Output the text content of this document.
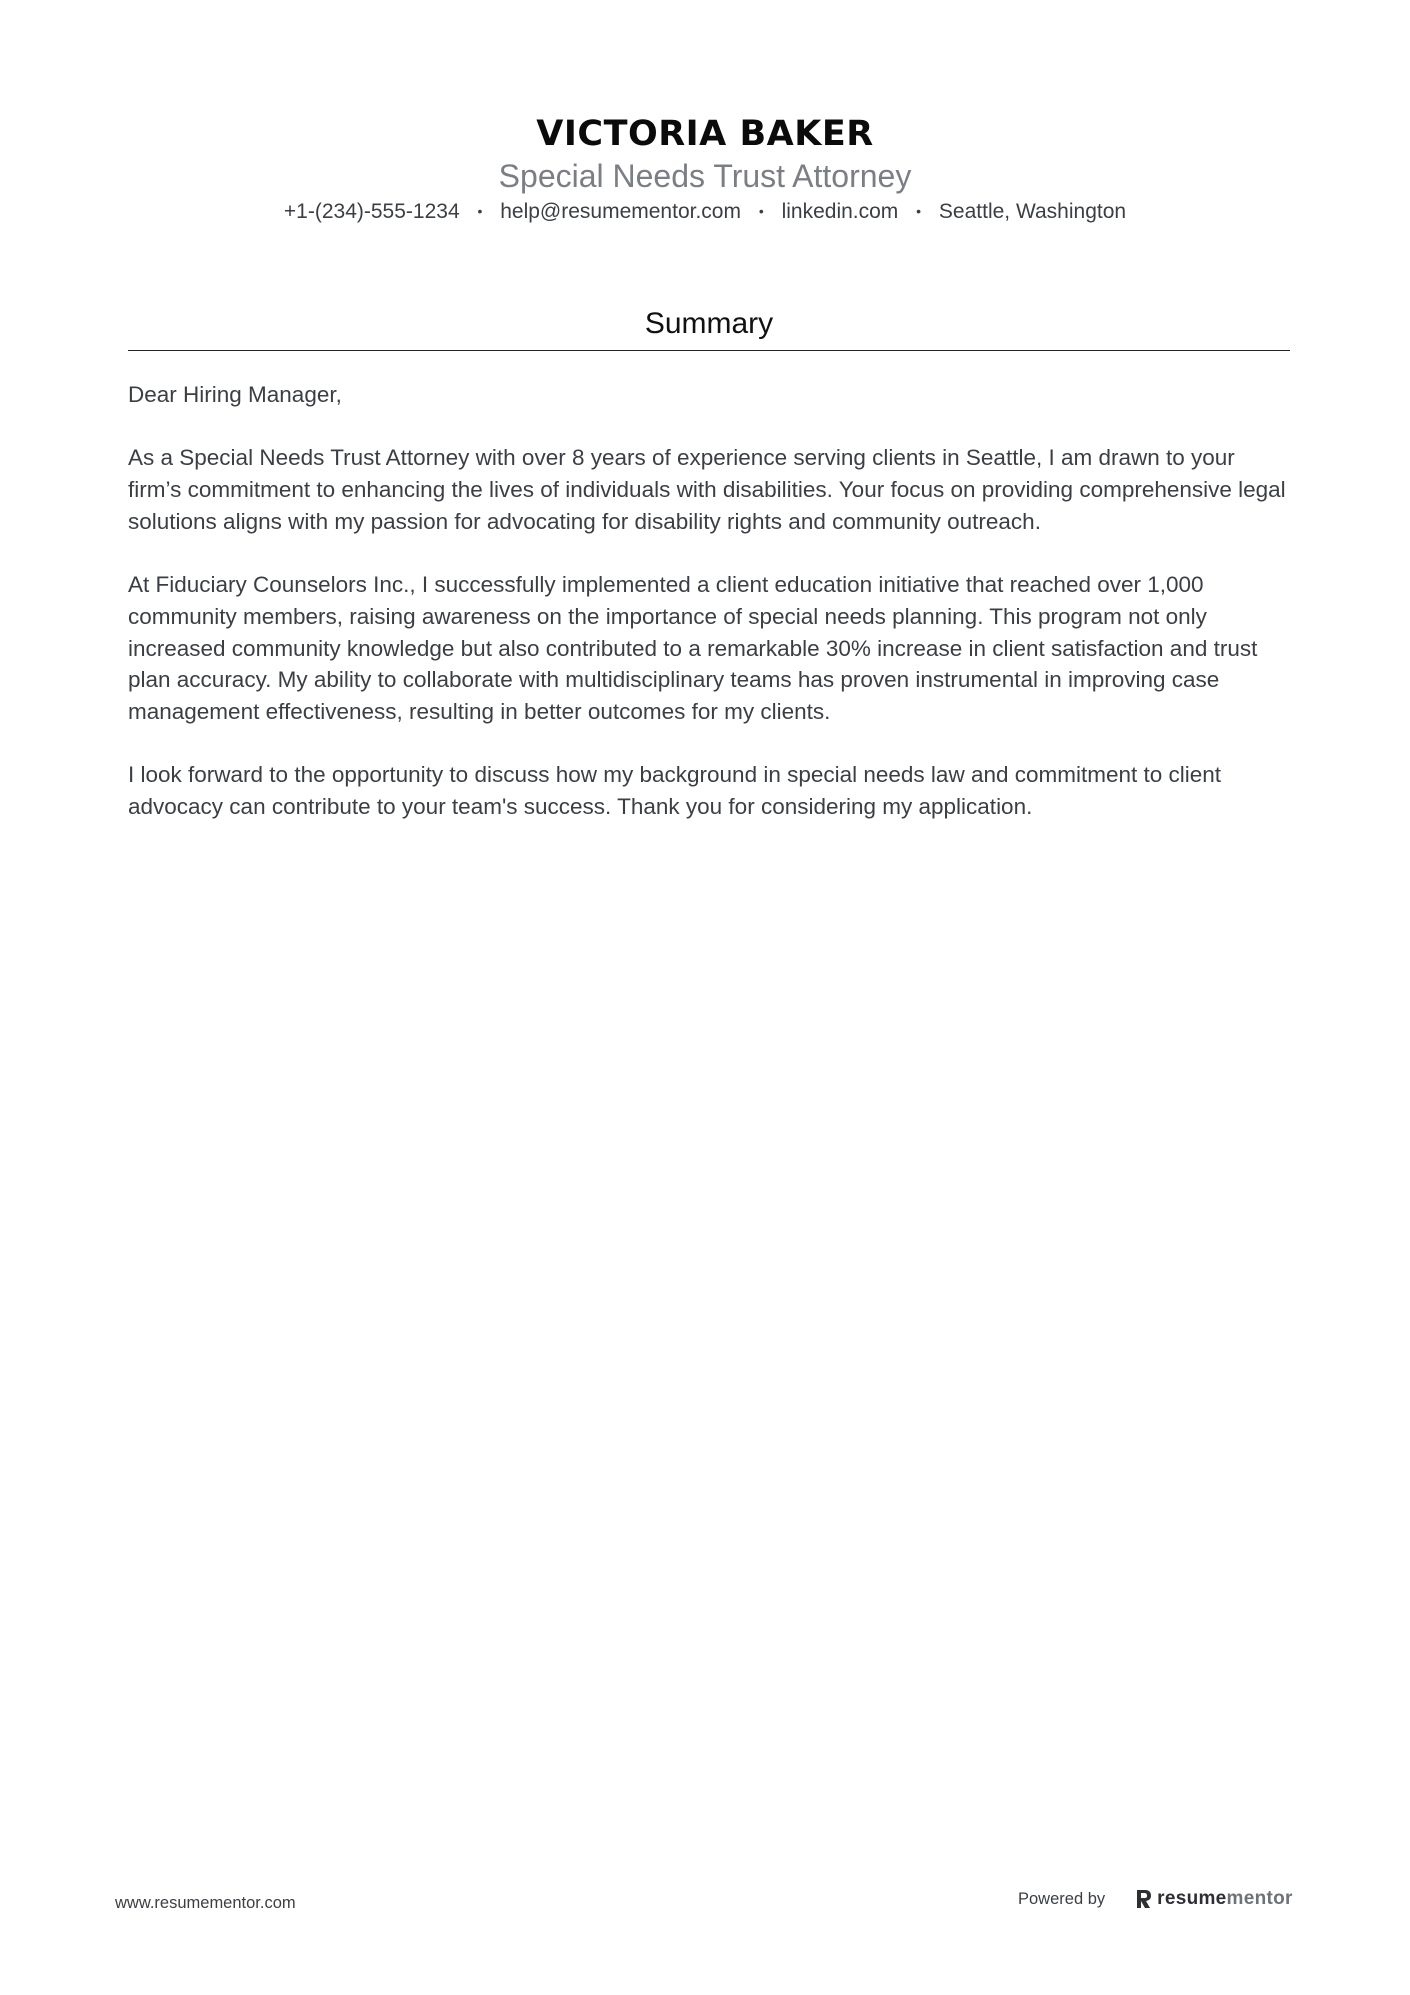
VICTORIA BAKER
Special Needs Trust Attorney
+1-(234)-555-1234 • help@resumementor.com • linkedin.com • Seattle, Washington
Summary

Dear Hiring Manager,

As a Special Needs Trust Attorney with over 8 years of experience serving clients in Seattle, I am drawn to your firm’s commitment to enhancing the lives of individuals with disabilities. Your focus on providing comprehensive legal solutions aligns with my passion for advocating for disability rights and community outreach.

At Fiduciary Counselors Inc., I successfully implemented a client education initiative that reached over 1,000 community members, raising awareness on the importance of special needs planning. This program not only increased community knowledge but also contributed to a remarkable 30% increase in client satisfaction and trust plan accuracy. My ability to collaborate with multidisciplinary teams has proven instrumental in improving case management effectiveness, resulting in better outcomes for my clients.

I look forward to the opportunity to discuss how my background in special needs law and commitment to client advocacy can contribute to your team's success. Thank you for considering my application.

www.resumementor.com	Powered by	resume mentor
